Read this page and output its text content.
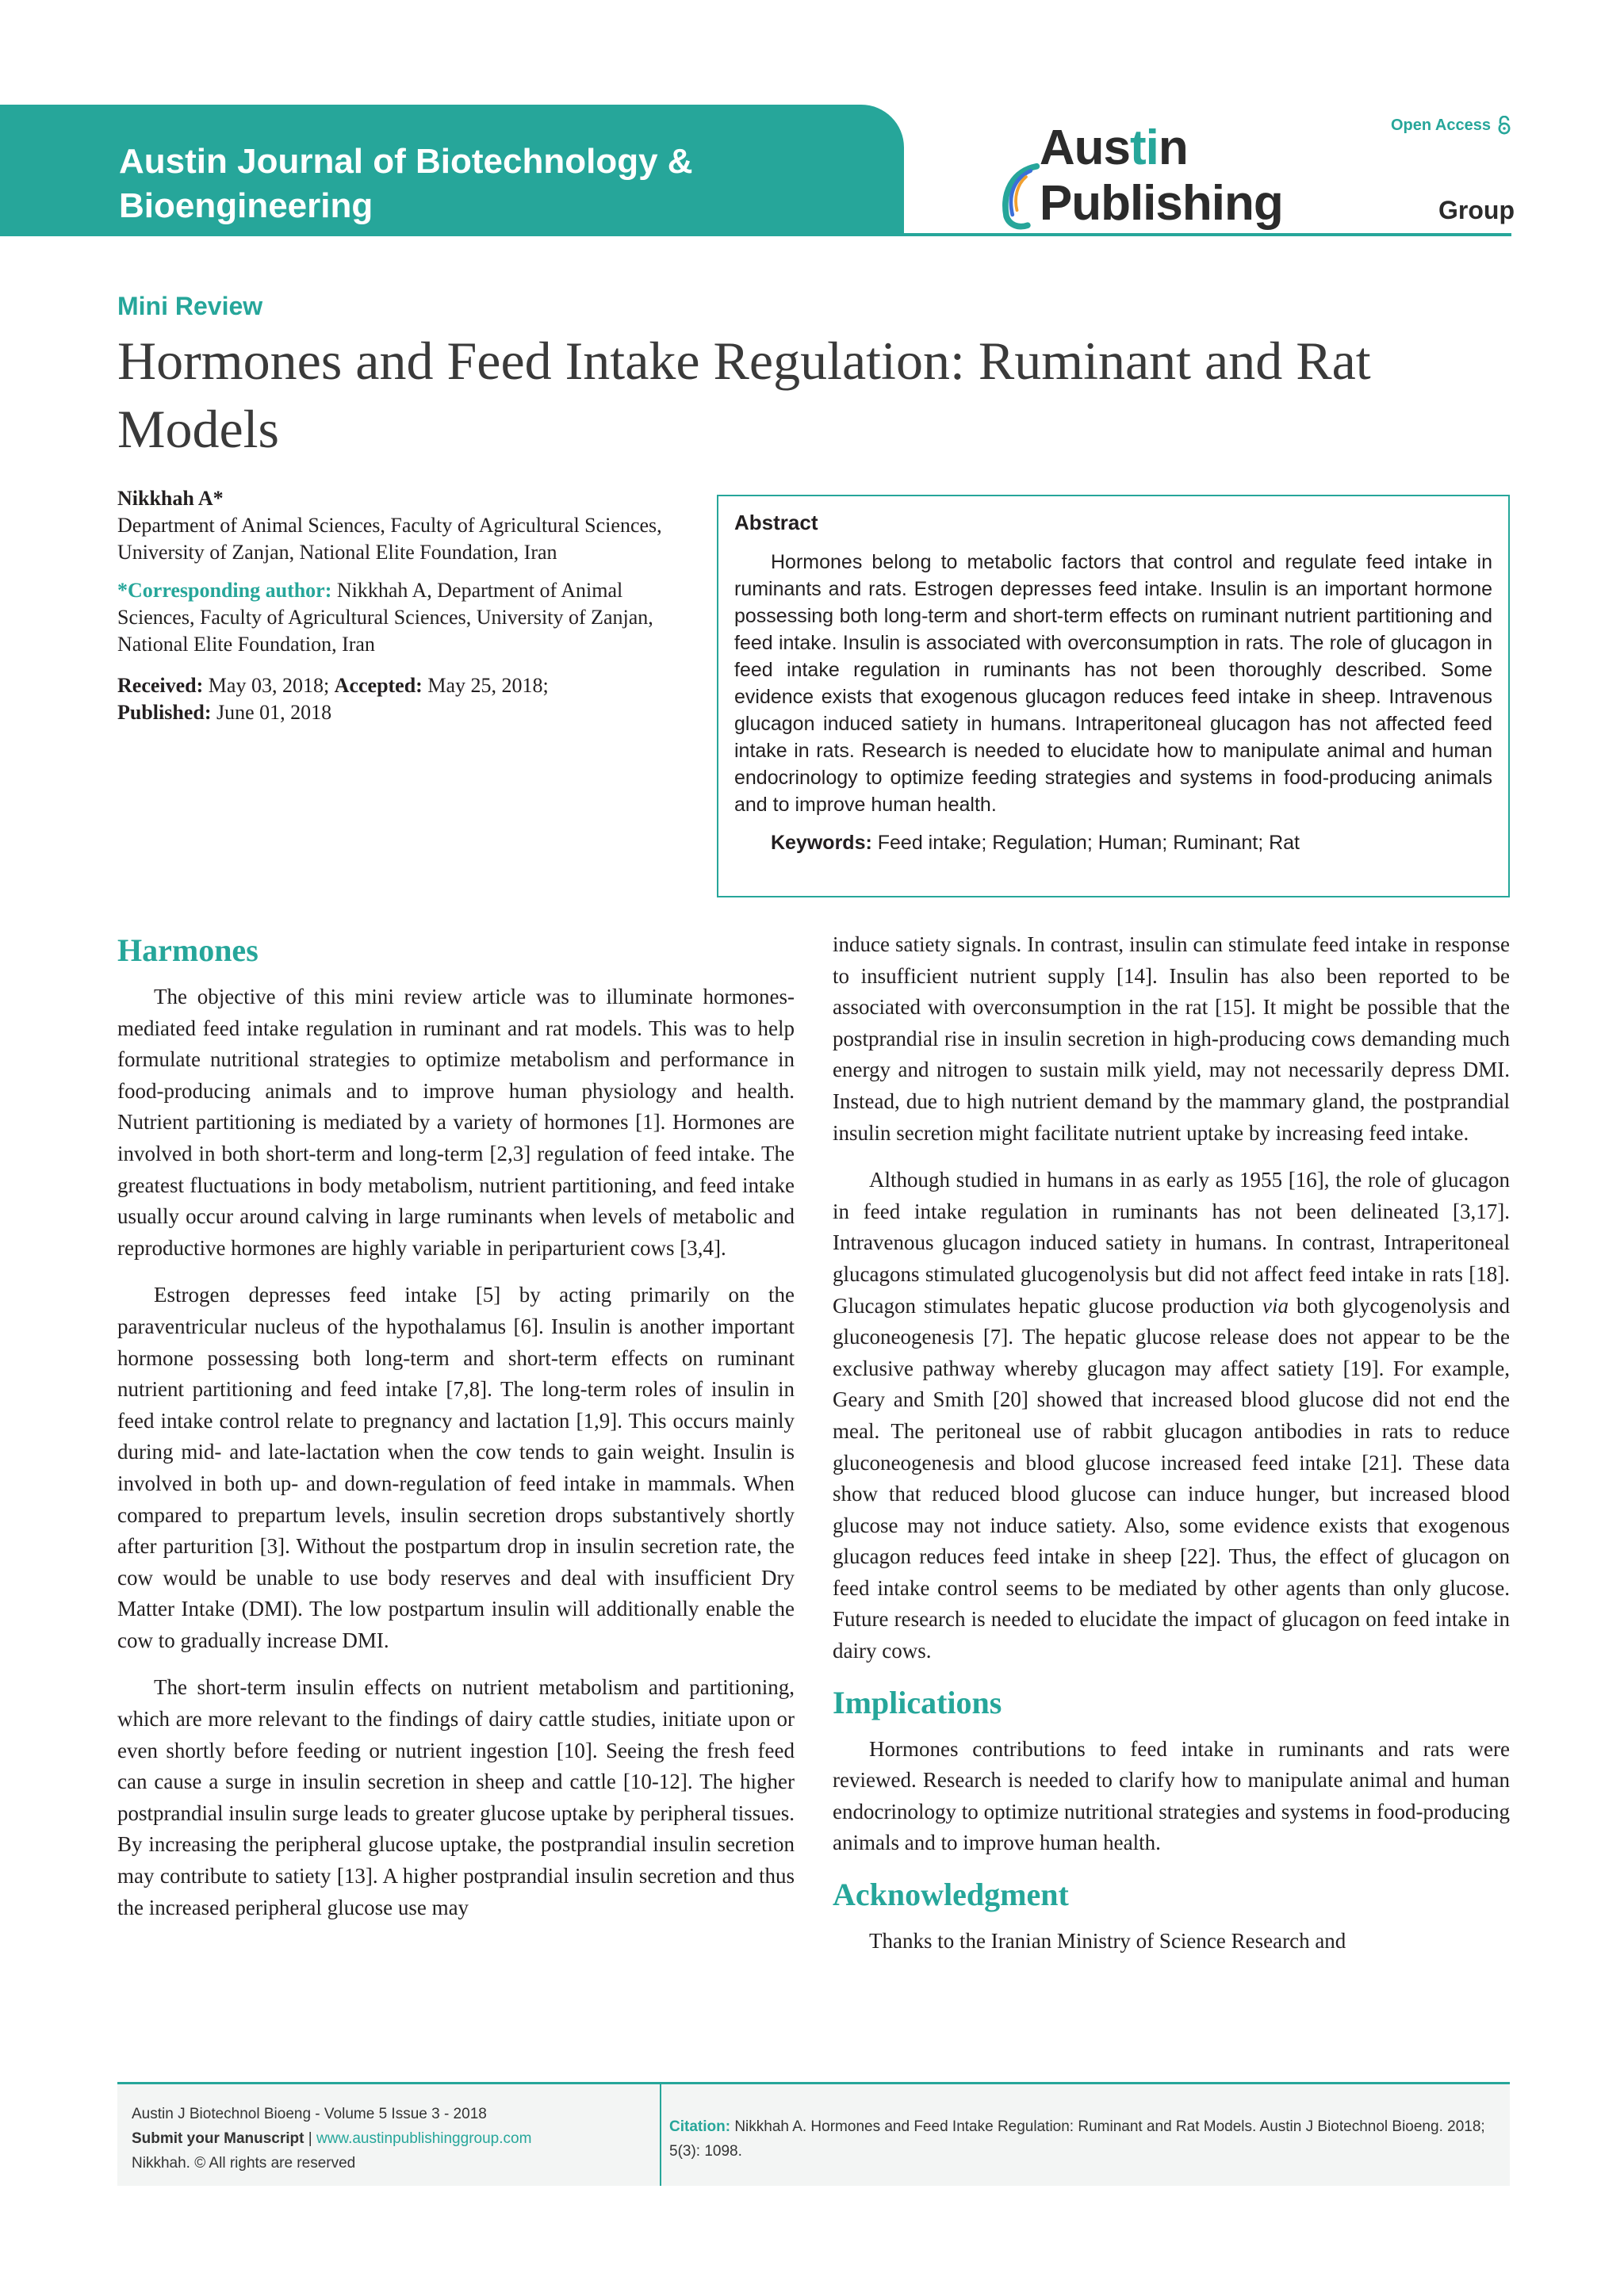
Austin Journal of Biotechnology & Bioengineering
Open Access
Austin Publishing	Group
Mini Review
Hormones and Feed Intake Regulation: Ruminant and Rat Models

Nikkhah A*

Department of Animal Sciences, Faculty of Agricultural Sciences, University of Zanjan, National Elite Foundation, Iran

*Corresponding author: Nikkhah A, Department of Animal Sciences, Faculty of Agricultural Sciences, University of Zanjan, National Elite Foundation, Iran

Received: May 03, 2018; Accepted: May 25, 2018;
Published: June 01, 2018

Abstract

Hormones belong to metabolic factors that control and regulate feed intake in ruminants and rats. Estrogen depresses feed intake. Insulin is an important hormone possessing both long-term and short-term effects on ruminant nutrient partitioning and feed intake. Insulin is associated with overconsumption in rats. The role of glucagon in feed intake regulation in ruminants has not been thoroughly described. Some evidence exists that exogenous glucagon reduces feed intake in sheep. Intravenous glucagon induced satiety in humans. Intraperitoneal glucagon has not affected feed intake in rats. Research is needed to elucidate how to manipulate animal and human endocrinology to optimize feeding strategies and systems in food-producing animals and to improve human health.

Keywords: Feed intake; Regulation; Human; Ruminant; Rat

Harmones

The objective of this mini review article was to illuminate hormones-mediated feed intake regulation in ruminant and rat models. This was to help formulate nutritional strategies to optimize metabolism and performance in food-producing animals and to improve human physiology and health. Nutrient partitioning is mediated by a variety of hormones [1]. Hormones are involved in both short-term and long-term [2,3] regulation of feed intake. The greatest fluctuations in body metabolism, nutrient partitioning, and feed intake usually occur around calving in large ruminants when levels of metabolic and reproductive hormones are highly variable in periparturient cows [3,4].

Estrogen depresses feed intake [5] by acting primarily on the paraventricular nucleus of the hypothalamus [6]. Insulin is another important hormone possessing both long-term and short-term effects on ruminant nutrient partitioning and feed intake [7,8]. The long-term roles of insulin in feed intake control relate to pregnancy and lactation [1,9]. This occurs mainly during mid- and late-lactation when the cow tends to gain weight. Insulin is involved in both up- and down-regulation of feed intake in mammals. When compared to prepartum levels, insulin secretion drops substantively shortly after parturition [3]. Without the postpartum drop in insulin secretion rate, the cow would be unable to use body reserves and deal with insufficient Dry Matter Intake (DMI). The low postpartum insulin will additionally enable the cow to gradually increase DMI.

The short-term insulin effects on nutrient metabolism and partitioning, which are more relevant to the findings of dairy cattle studies, initiate upon or even shortly before feeding or nutrient ingestion [10]. Seeing the fresh feed can cause a surge in insulin secretion in sheep and cattle [10-12]. The higher postprandial insulin surge leads to greater glucose uptake by peripheral tissues. By increasing the peripheral glucose uptake, the postprandial insulin secretion may contribute to satiety [13]. A higher postprandial insulin secretion and thus the increased peripheral glucose use may

induce satiety signals. In contrast, insulin can stimulate feed intake in response to insufficient nutrient supply [14]. Insulin has also been reported to be associated with overconsumption in the rat [15]. It might be possible that the postprandial rise in insulin secretion in high-producing cows demanding much energy and nitrogen to sustain milk yield, may not necessarily depress DMI. Instead, due to high nutrient demand by the mammary gland, the postprandial insulin secretion might facilitate nutrient uptake by increasing feed intake.

Although studied in humans in as early as 1955 [16], the role of glucagon in feed intake regulation in ruminants has not been delineated [3,17]. Intravenous glucagon induced satiety in humans. In contrast, Intraperitoneal glucagons stimulated glucogenolysis but did not affect feed intake in rats [18]. Glucagon stimulates hepatic glucose production via both glycogenolysis and gluconeogenesis [7]. The hepatic glucose release does not appear to be the exclusive pathway whereby glucagon may affect satiety [19]. For example, Geary and Smith [20] showed that increased blood glucose did not end the meal. The peritoneal use of rabbit glucagon antibodies in rats to reduce gluconeogenesis and blood glucose increased feed intake [21]. These data show that reduced blood glucose can induce hunger, but increased blood glucose may not induce satiety. Also, some evidence exists that exogenous glucagon reduces feed intake in sheep [22]. Thus, the effect of glucagon on feed intake control seems to be mediated by other agents than only glucose. Future research is needed to elucidate the impact of glucagon on feed intake in dairy cows.

Implications

Hormones contributions to feed intake in ruminants and rats were reviewed. Research is needed to clarify how to manipulate animal and human endocrinology to optimize nutritional strategies and systems in food-producing animals and to improve human health.

Acknowledgment

Thanks to the Iranian Ministry of Science Research and

Austin J Biotechnol Bioeng - Volume 5 Issue 3 - 2018

Submit your Manuscript | www.austinpublishinggroup.com

Nikkhah. © All rights are reserved

Citation: Nikkhah A. Hormones and Feed Intake Regulation: Ruminant and Rat Models. Austin J Biotechnol Bioeng. 2018; 5(3): 1098.
